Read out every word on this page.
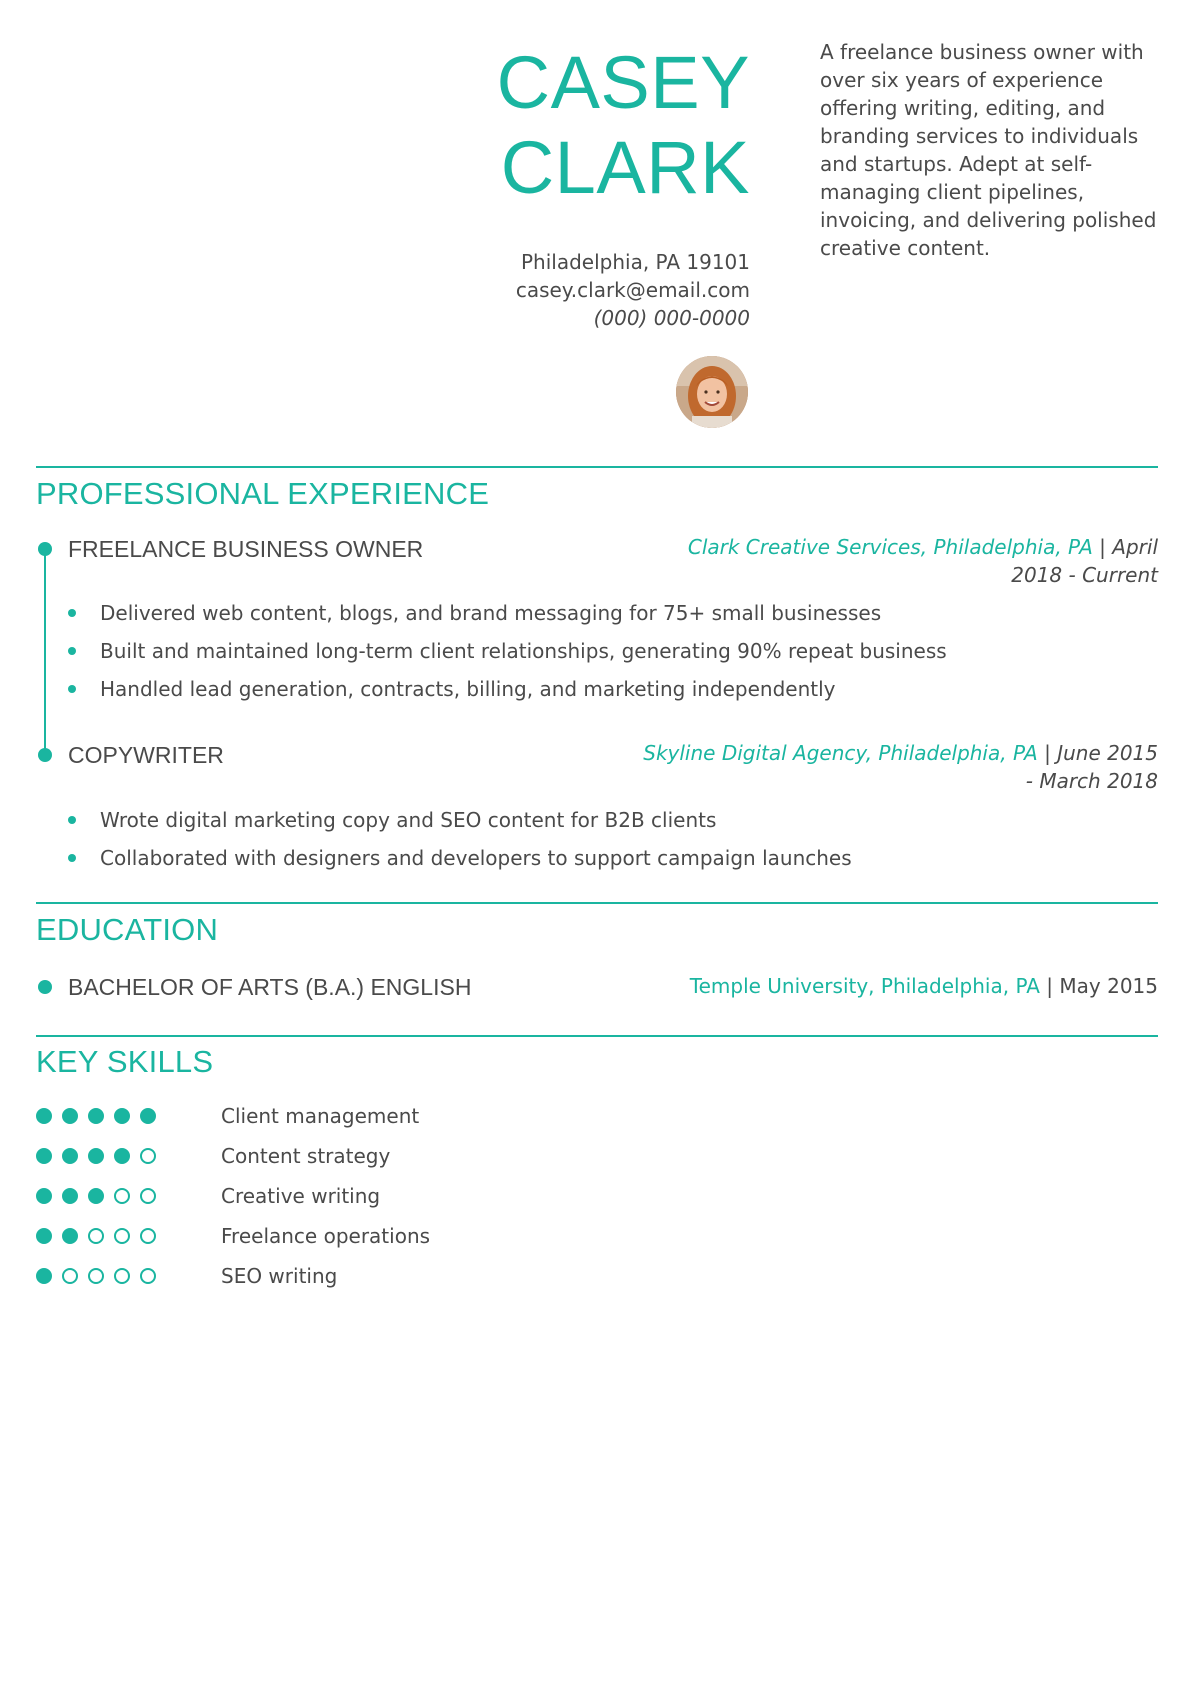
CASEY
CLARK
Philadelphia, PA 19101
casey.clark@email.com
(000) 000-0000
A freelance business owner with over six years of experience offering writing, editing, and branding services to individuals and startups. Adept at self-managing client pipelines, invoicing, and delivering polished creative content.
PROFESSIONAL EXPERIENCE
FREELANCE BUSINESS OWNER	Clark Creative Services, Philadelphia, PA | April 2018 - Current
Delivered web content, blogs, and brand messaging for 75+ small businesses
Built and maintained long-term client relationships, generating 90% repeat business
Handled lead generation, contracts, billing, and marketing independently
COPYWRITER	Skyline Digital Agency, Philadelphia, PA | June 2015 - March 2018
Wrote digital marketing copy and SEO content for B2B clients
Collaborated with designers and developers to support campaign launches
EDUCATION
BACHELOR OF ARTS (B.A.) ENGLISH	Temple University, Philadelphia, PA | May 2015
KEY SKILLS
Client management
Content strategy
Creative writing
Freelance operations
SEO writing
